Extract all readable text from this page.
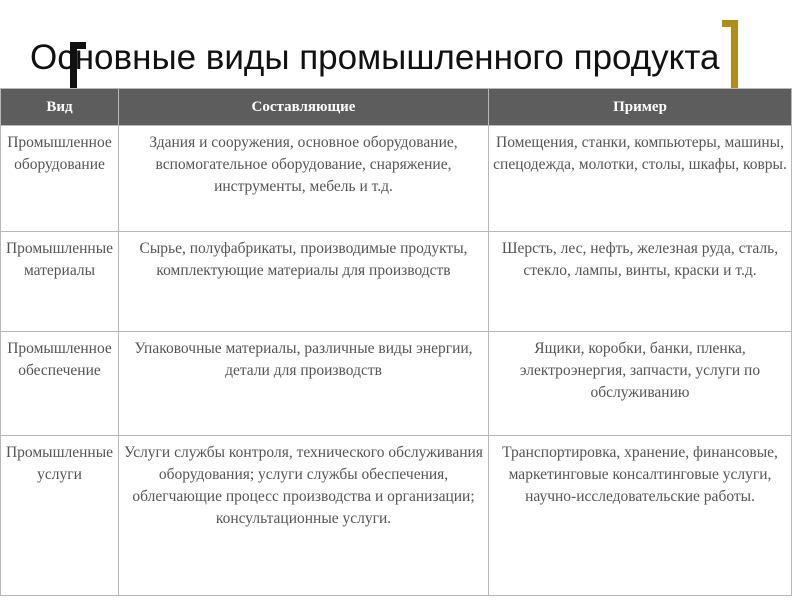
Основные виды промышленного продукта
Вид	Составляющие	Пример
Промышленное оборудование	Здания и сооружения, основное оборудование, вспомогательное оборудование, снаряжение, инструменты, мебель и т.д.	Помещения, станки, компьютеры, машины, спецодежда, молотки, столы, шкафы, ковры.
Промышленные материалы	Сырье, полуфабрикаты, производимые продукты, комплектующие материалы для производств	Шерсть, лес, нефть, железная руда, сталь, стекло, лампы, винты, краски и т.д.
Промышленное обеспечение	Упаковочные материалы, различные виды энергии, детали для производств	Ящики, коробки, банки, пленка, электроэнергия, запчасти, услуги по обслуживанию
Промышленные услуги	Услуги службы контроля, технического обслуживания оборудования; услуги службы обеспечения, облегчающие процесс производства и организации; консультационные услуги.	Транспортировка, хранение, финансовые, маркетинговые консалтинговые услуги, научно-исследовательские работы.
